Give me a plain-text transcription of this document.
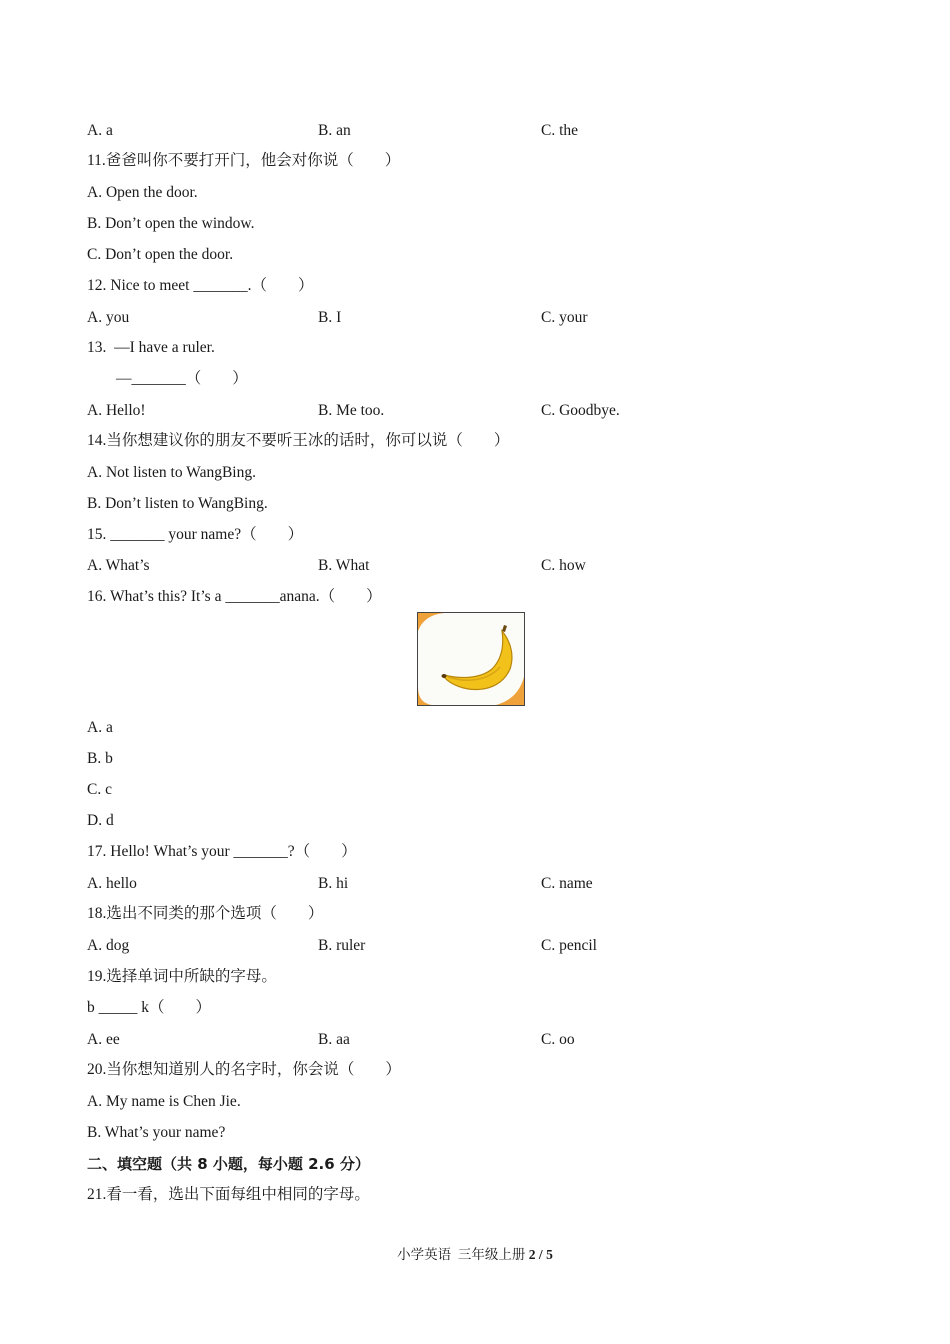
A. a	B. an	C. the

11.爸爸叫你不要打开门，他会对你说（　　）

A. Open the door.

B. Don’t open the window.

C. Don’t open the door.

12. Nice to meet _______.（　　）

A. you	B. I	C. your

13.  —I have a ruler.

—_______（　　）

A. Hello!	B. Me too.	C. Goodbye.

14.当你想建议你的朋友不要听王冰的话时，你可以说（　　）

A. Not listen to WangBing.

B. Don’t listen to WangBing.

15. _______ your name?（　　）

A. What’s	B. What	C. how

16. What’s this? It’s a _______anana.（　　）

A. a

B. b

C. c

D. d

17. Hello! What’s your _______?（　　）

A. hello	B. hi	C. name

18.选出不同类的那个选项（　　）

A. dog	B. ruler	C. pencil

19.选择单词中所缺的字母。

b _____ k（　　）

A. ee	B. aa	C. oo

20.当你想知道别人的名字时，你会说（　　）

A. My name is Chen Jie.

B. What’s your name?

二、填空题（共 8 小题，每小题 2.6 分）

21.看一看，选出下面每组中相同的字母。

小学英语  三年级上册 2 / 5
